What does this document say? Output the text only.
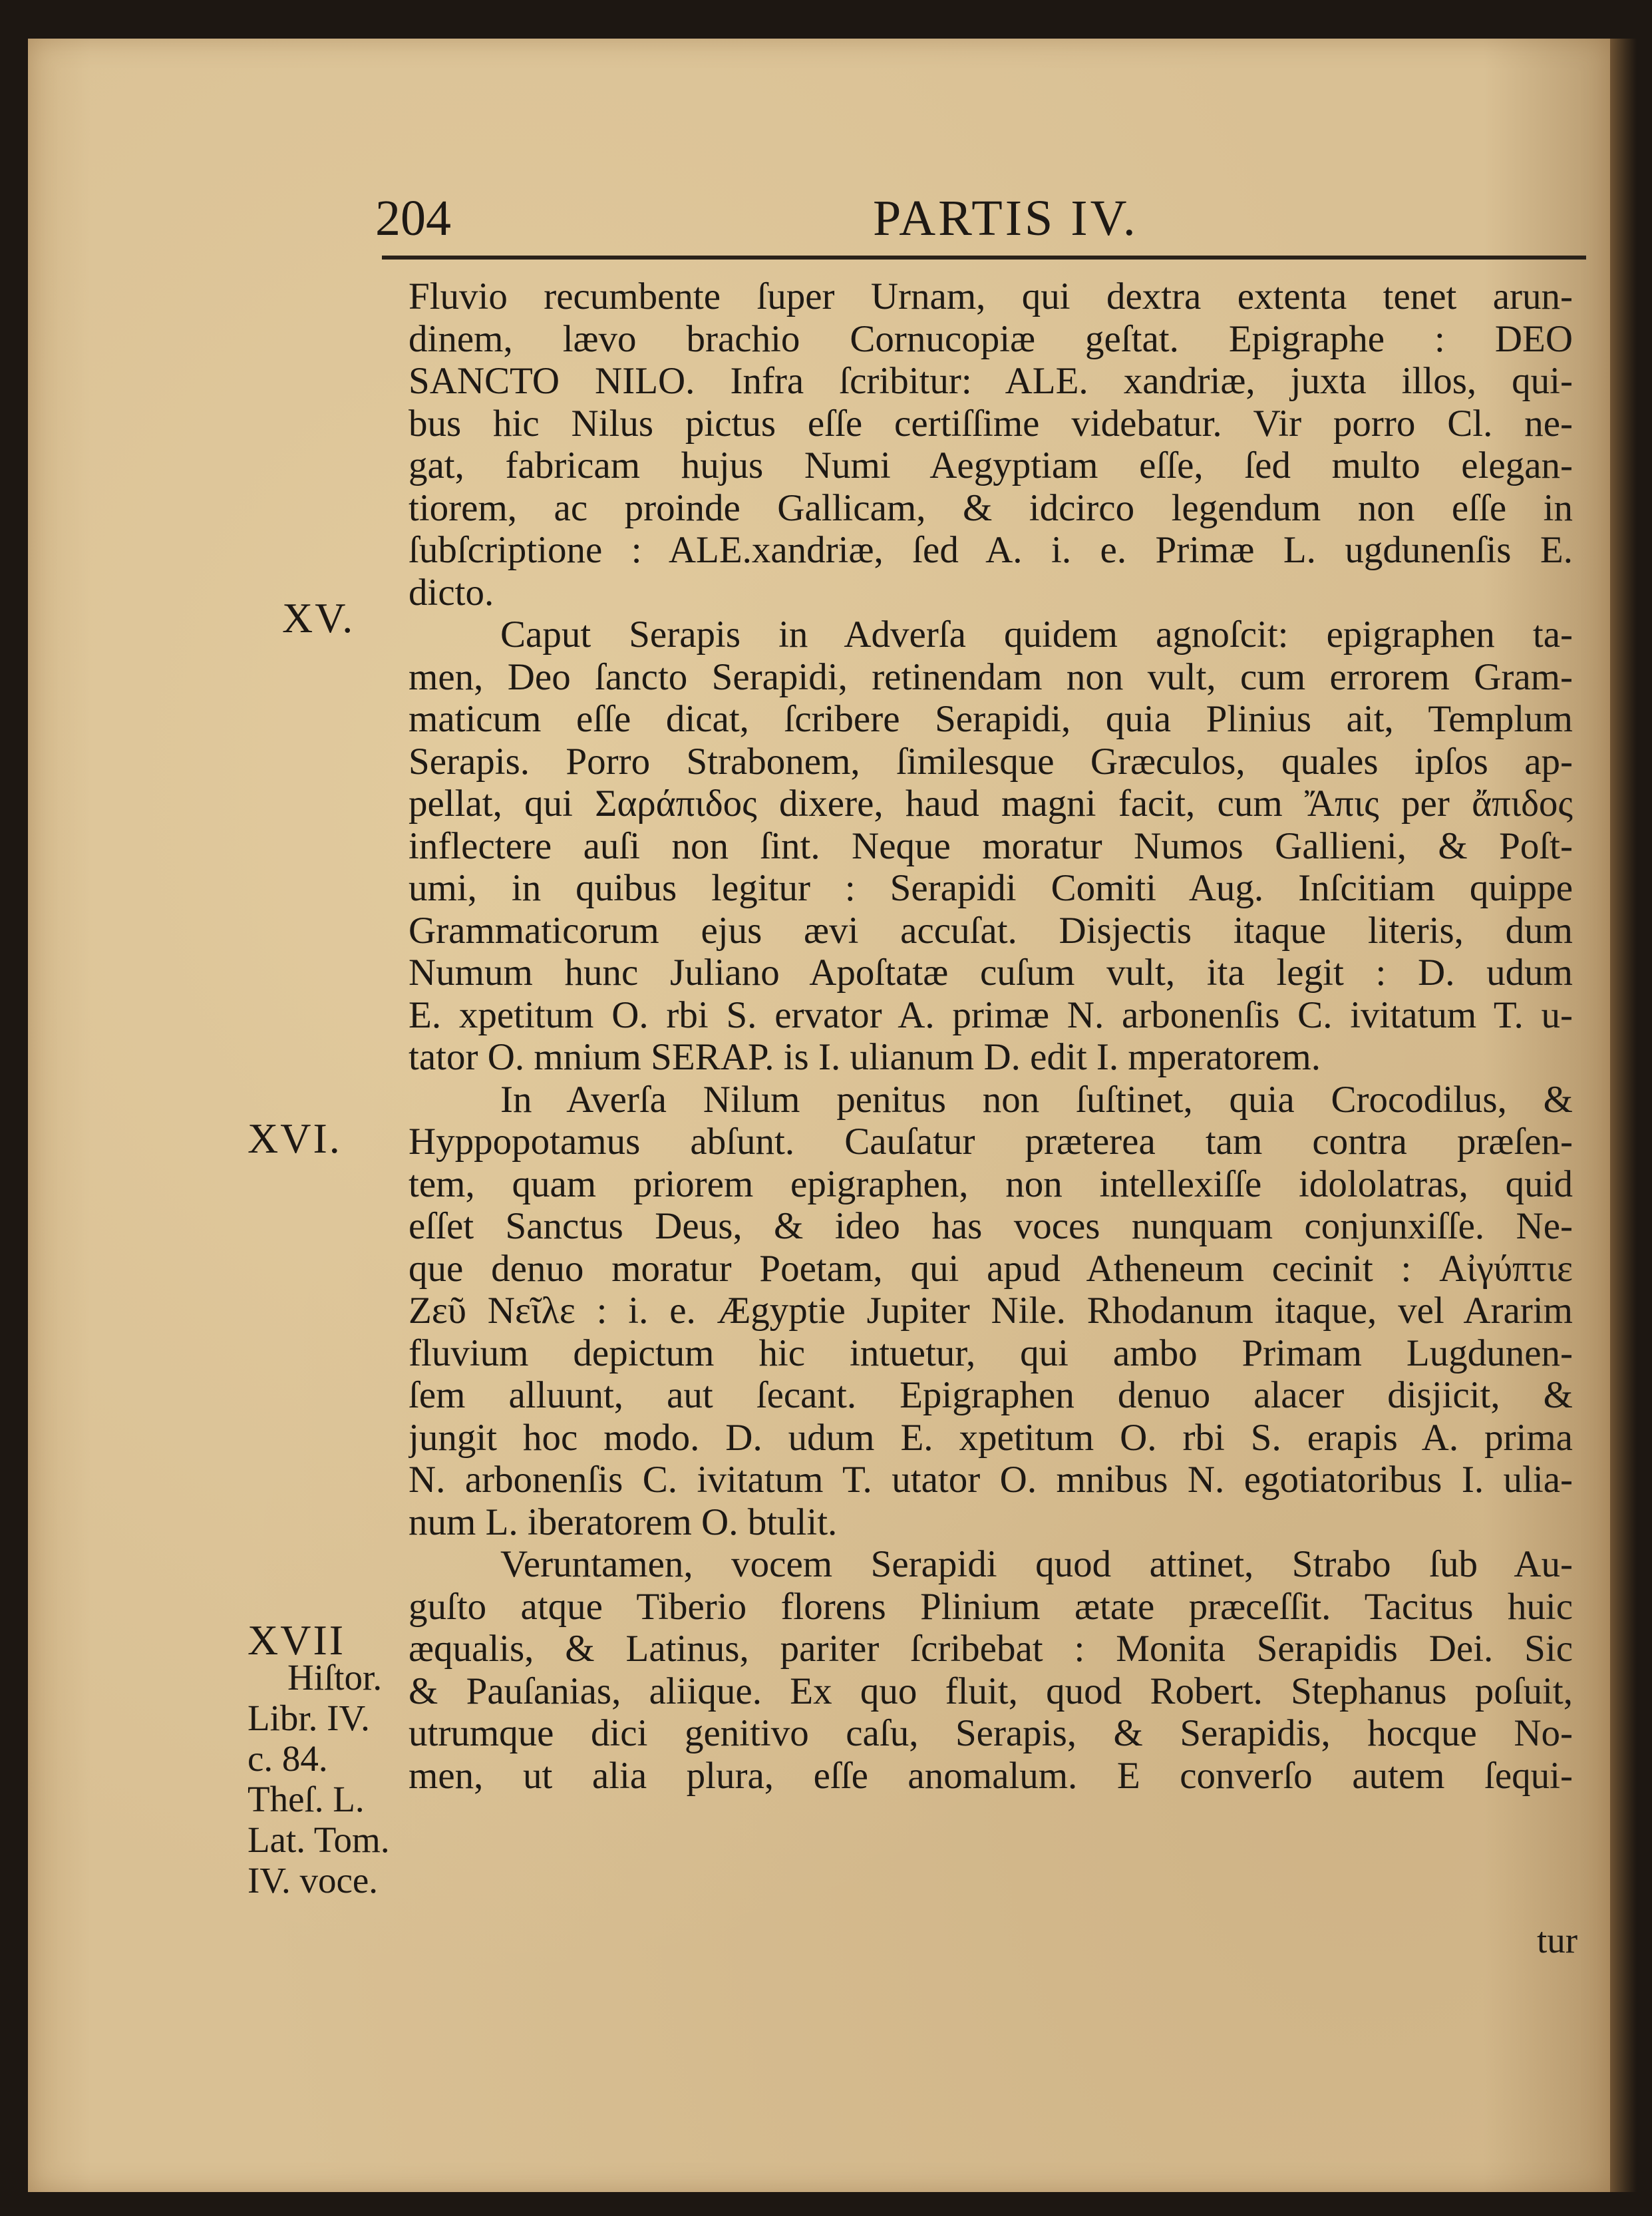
204	PARTIS IV.
XV.
XVI.
XVII
Hiſtor.
Libr. IV.
c. 84.
Theſ. L.
Lat. Tom.
IV. voce.
Fluvio recumbente ſuper Urnam, qui dextra extenta tenet arun-
dinem, lævo brachio Cornucopiæ geſtat. Epigraphe : DEO
SANCTO NILO. Infra ſcribitur: ALE. xandriæ, juxta illos, qui-
bus hic Nilus pictus eſſe certiſſime videbatur. Vir porro Cl. ne-
gat, fabricam hujus Numi Aegyptiam eſſe, ſed multo elegan-
tiorem, ac proinde Gallicam, & idcirco legendum non eſſe in
ſubſcriptione : ALE.xandriæ, ſed A. i. e. Primæ L. ugdunenſis E.
dicto.
Caput Serapis in Adverſa quidem agnoſcit: epigraphen ta-
men, Deo ſancto Serapidi, retinendam non vult, cum errorem Gram-
maticum eſſe dicat, ſcribere Serapidi, quia Plinius ait, Templum
Serapis. Porro Strabonem, ſimilesque Græculos, quales ipſos ap-
pellat, qui Σαράπιδος dixere, haud magni facit, cum Ἄπις per ἄπιδος
inflectere auſi non ſint. Neque moratur Numos Gallieni, & Poſt-
umi, in quibus legitur : Serapidi Comiti Aug. Inſcitiam quippe
Grammaticorum ejus ævi accuſat. Disjectis itaque literis, dum
Numum hunc Juliano Apoſtatæ cuſum vult, ita legit : D. udum
E. xpetitum O. rbi S. ervator A. primæ N. arbonenſis C. ivitatum T. u-
tator O. mnium SERAP. is I. ulianum D. edit I. mperatorem.
In Averſa Nilum penitus non ſuſtinet, quia Crocodilus, &
Hyppopotamus abſunt. Cauſatur præterea tam contra præſen-
tem, quam priorem epigraphen, non intellexiſſe idololatras, quid
eſſet Sanctus Deus, & ideo has voces nunquam conjunxiſſe. Ne-
que denuo moratur Poetam, qui apud Atheneum cecinit : Αἰγύπτιε
Ζεῦ Νεῖλε : i. e. Ægyptie Jupiter Nile. Rhodanum itaque, vel Ararim
fluvium depictum hic intuetur, qui ambo Primam Lugdunen-
ſem alluunt, aut ſecant. Epigraphen denuo alacer disjicit, &
jungit hoc modo. D. udum E. xpetitum O. rbi S. erapis A. prima
N. arbonenſis C. ivitatum T. utator O. mnibus N. egotiatoribus I. ulia-
num L. iberatorem O. btulit.
Veruntamen, vocem Serapidi quod attinet, Strabo ſub Au-
guſto atque Tiberio florens Plinium ætate præceſſit. Tacitus huic
æqualis, & Latinus, pariter ſcribebat : Monita Serapidis Dei. Sic
& Pauſanias, aliique. Ex quo fluit, quod Robert. Stephanus poſuit,
utrumque dici genitivo caſu, Serapis, & Serapidis, hocque No-
men, ut alia plura, eſſe anomalum. E converſo autem ſequi-
tur
